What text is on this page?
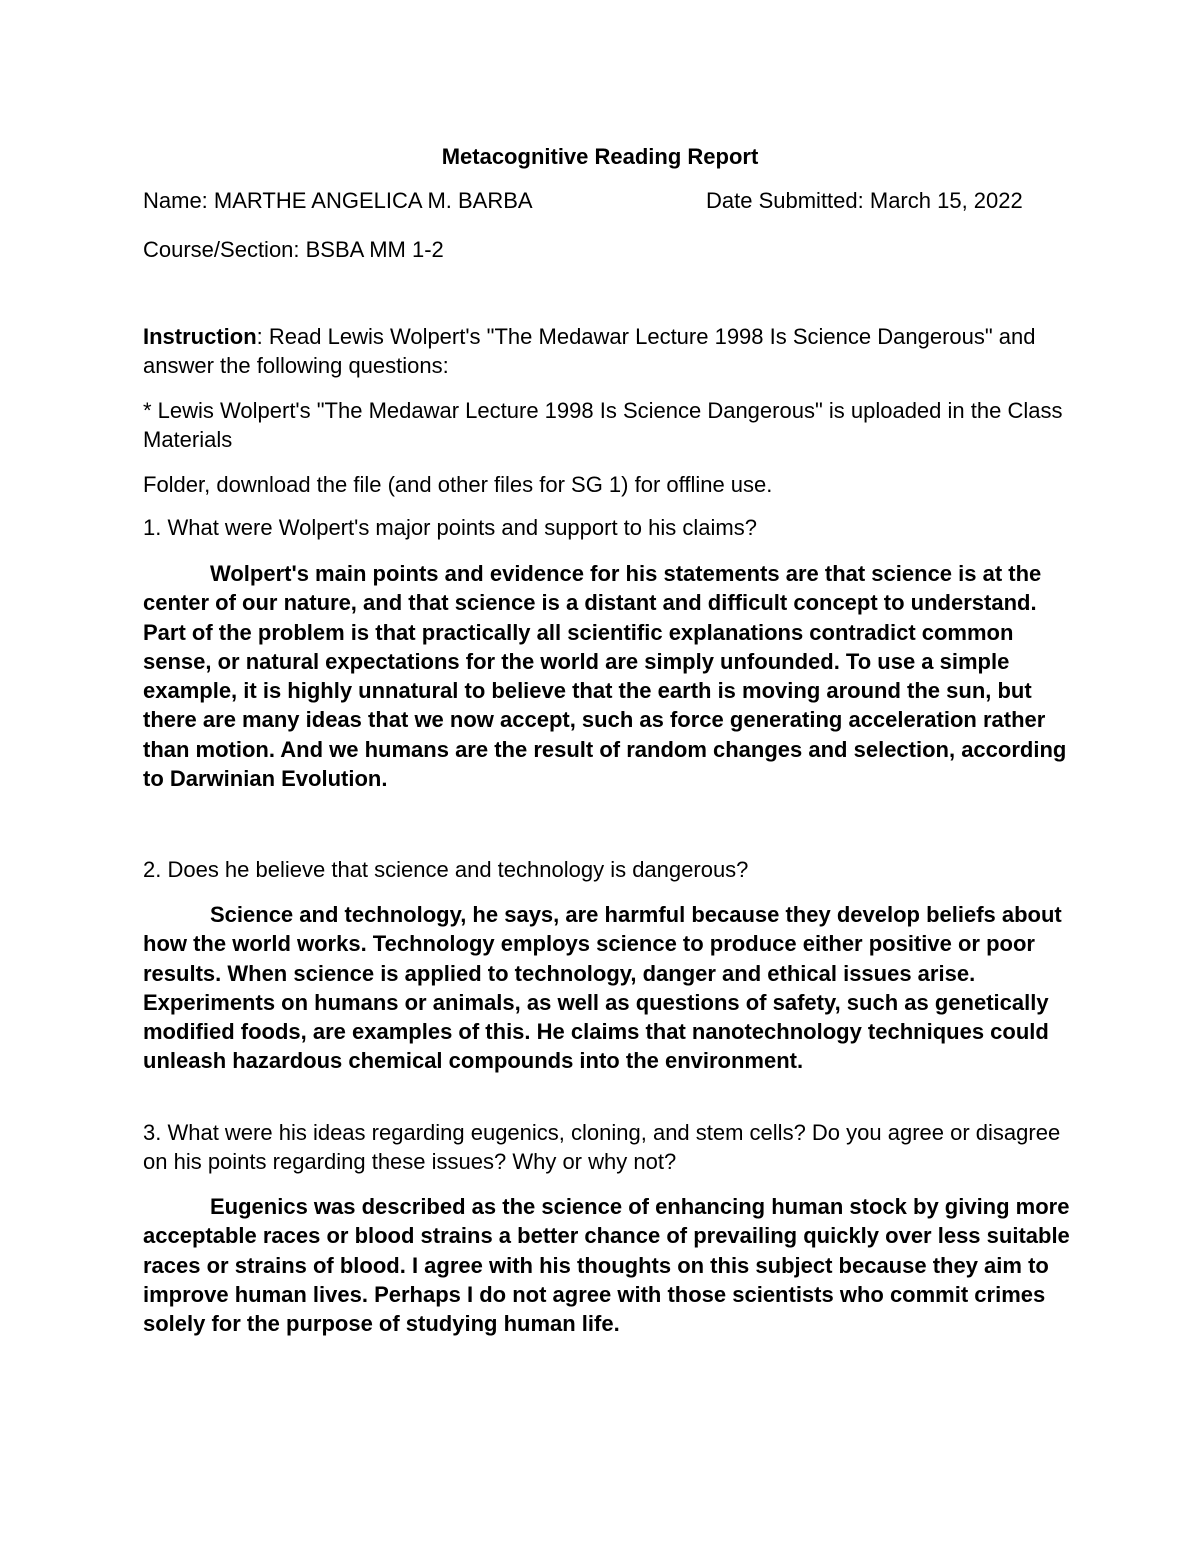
Metacognitive Reading Report
Name: MARTHE ANGELICA M. BARBA	Date Submitted: March 15, 2022
Course/Section: BSBA MM 1-2
Instruction: Read Lewis Wolpert's "The Medawar Lecture 1998 Is Science Dangerous" and answer the following questions:
* Lewis Wolpert's "The Medawar Lecture 1998 Is Science Dangerous" is uploaded in the Class Materials
Folder, download the file (and other files for SG 1) for offline use.
1. What were Wolpert's major points and support to his claims?
Wolpert's main points and evidence for his statements are that science is at the center of our nature, and that science is a distant and difficult concept to understand. Part of the problem is that practically all scientific explanations contradict common sense, or natural expectations for the world are simply unfounded. To use a simple example, it is highly unnatural to believe that the earth is moving around the sun, but there are many ideas that we now accept, such as force generating acceleration rather than motion. And we humans are the result of random changes and selection, according to Darwinian Evolution.
2. Does he believe that science and technology is dangerous?
Science and technology, he says, are harmful because they develop beliefs about how the world works. Technology employs science to produce either positive or poor results. When science is applied to technology, danger and ethical issues arise. Experiments on humans or animals, as well as questions of safety, such as genetically modified foods, are examples of this. He claims that nanotechnology techniques could unleash hazardous chemical compounds into the environment.
3. What were his ideas regarding eugenics, cloning, and stem cells? Do you agree or disagree on his points regarding these issues? Why or why not?
Eugenics was described as the science of enhancing human stock by giving more acceptable races or blood strains a better chance of prevailing quickly over less suitable races or strains of blood. I agree with his thoughts on this subject because they aim to improve human lives. Perhaps I do not agree with those scientists who commit crimes solely for the purpose of studying human life.
